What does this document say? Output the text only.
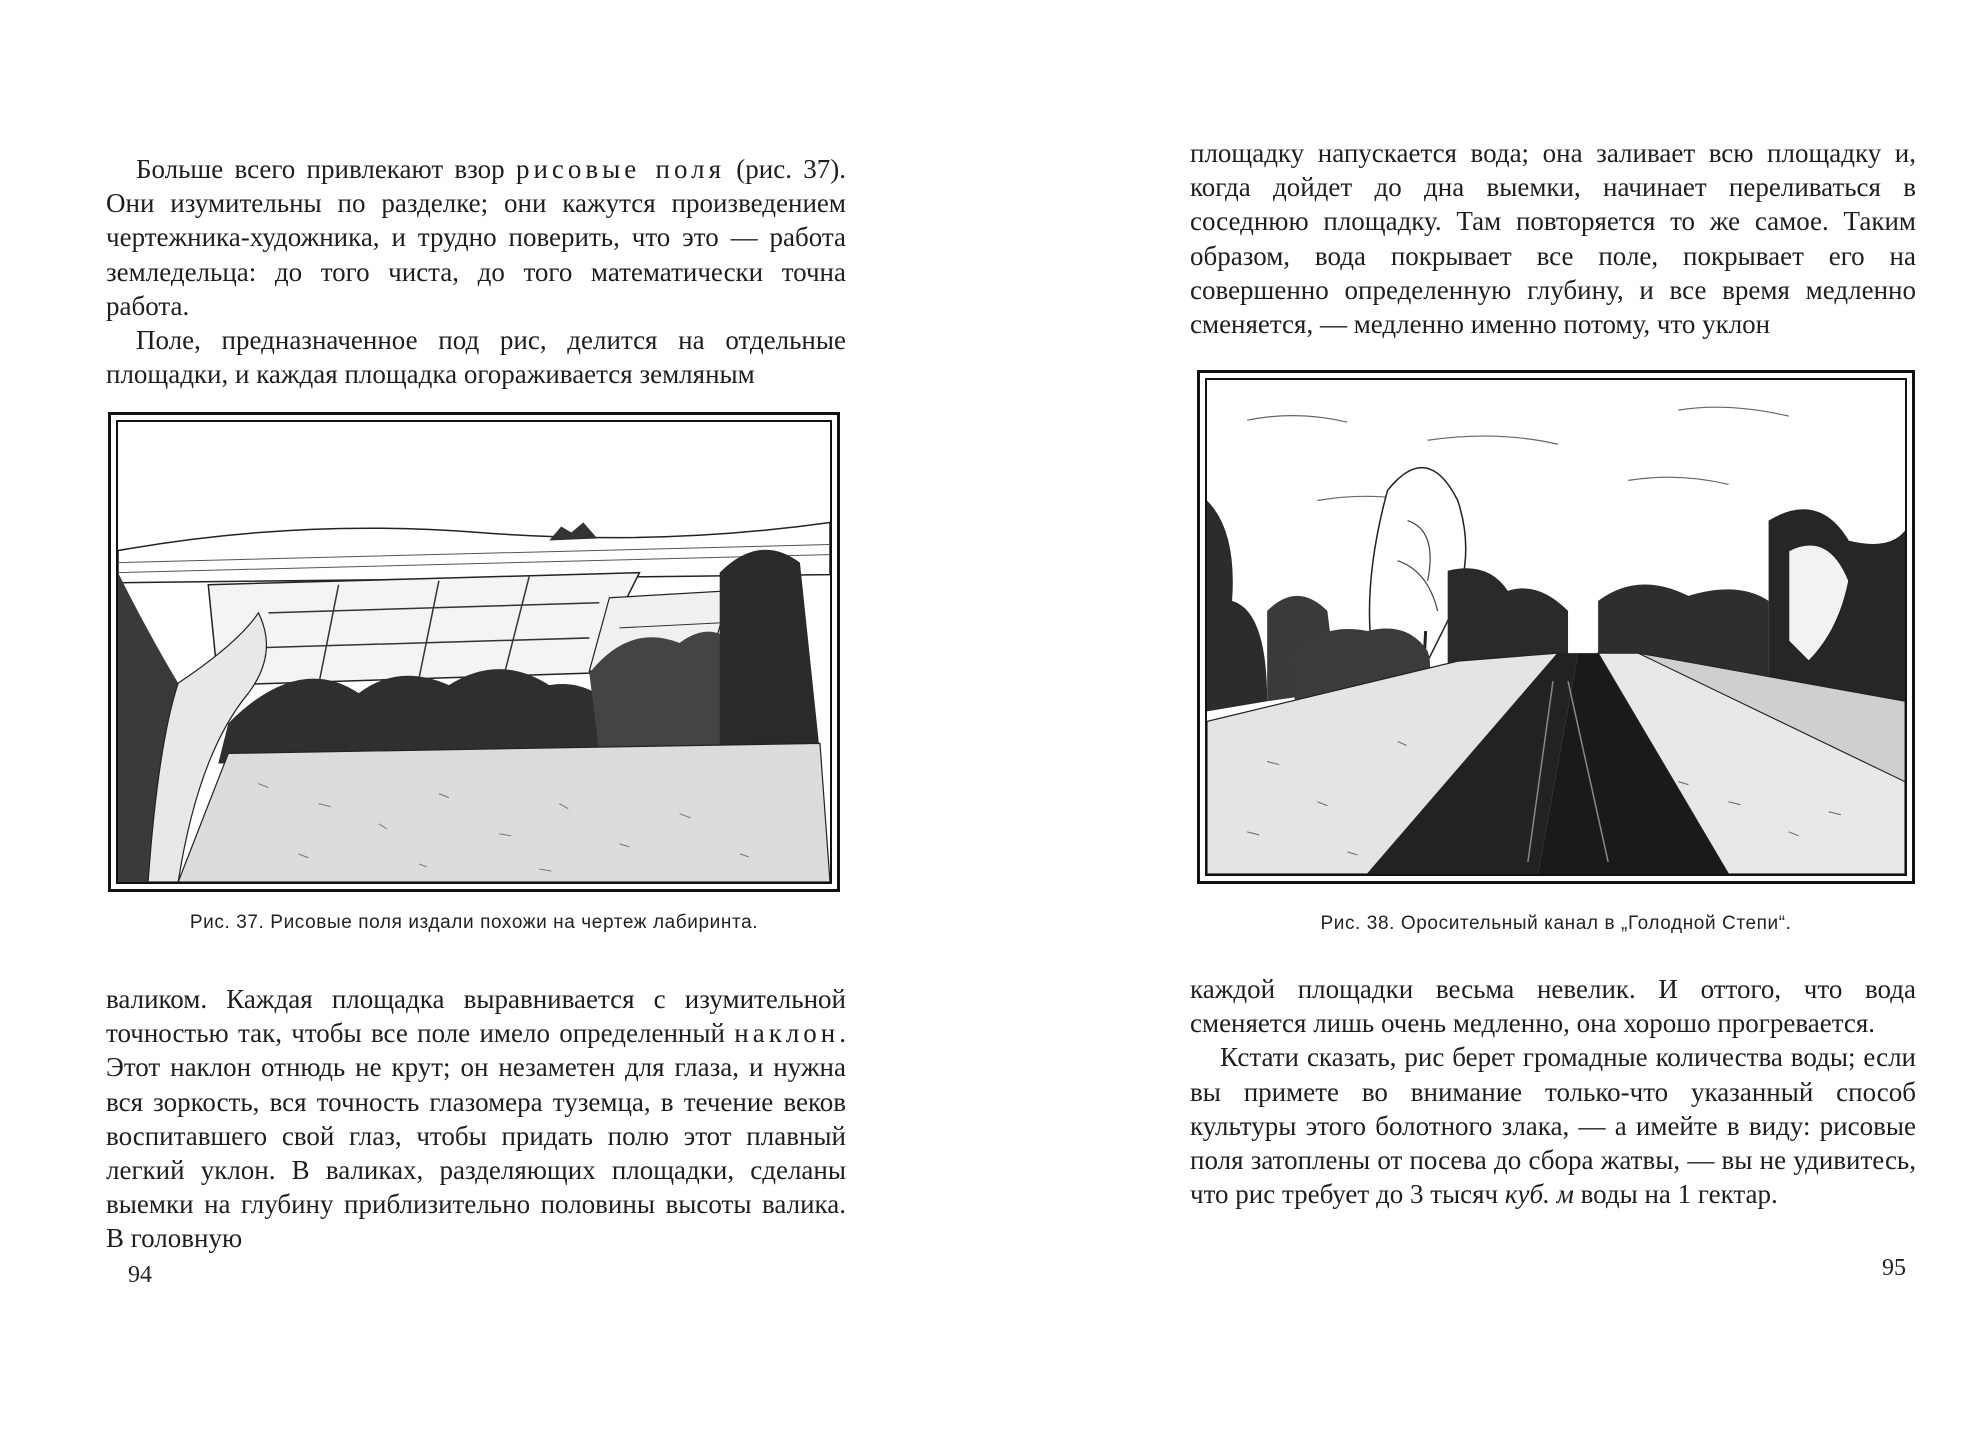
Больше всего привлекают взор рисовые поля (рис. 37). Они изумительны по разделке; они кажутся произведением чертежника-художника, и трудно поверить, что это — работа земледельца: до того чиста, до того математически точна работа.

Поле, предназначенное под рис, делится на отдельные площадки, и каждая площадка огораживается земляным

Рис. 37. Рисовые поля издали похожи на чертеж лабиринта.

валиком. Каждая площадка выравнивается с изумительной точностью так, чтобы все поле имело определенный наклон. Этот наклон отнюдь не крут; он незаметен для глаза, и нужна вся зоркость, вся точность глазомера туземца, в течение веков воспитавшего свой глаз, чтобы придать полю этот плавный легкий уклон. В валиках, разделяющих площадки, сделаны выемки на глубину приблизительно половины высоты валика. В головную

94

площадку напускается вода; она заливает всю площадку и, когда дойдет до дна выемки, начинает переливаться в соседнюю площадку. Там повторяется то же самое. Таким образом, вода покрывает все поле, покрывает его на совершенно определенную глубину, и все время медленно сменяется, — медленно именно потому, что уклон

Рис. 38. Оросительный канал в „Голодной Степи“.

каждой площадки весьма невелик. И оттого, что вода сменяется лишь очень медленно, она хорошо прогревается.

Кстати сказать, рис берет громадные количества воды; если вы примете во внимание только-что указанный способ культуры этого болотного злака, — а имейте в виду: рисовые поля затоплены от посева до сбора жатвы, — вы не удивитесь, что рис требует до 3 тысяч куб. м воды на 1 гектар.

95
